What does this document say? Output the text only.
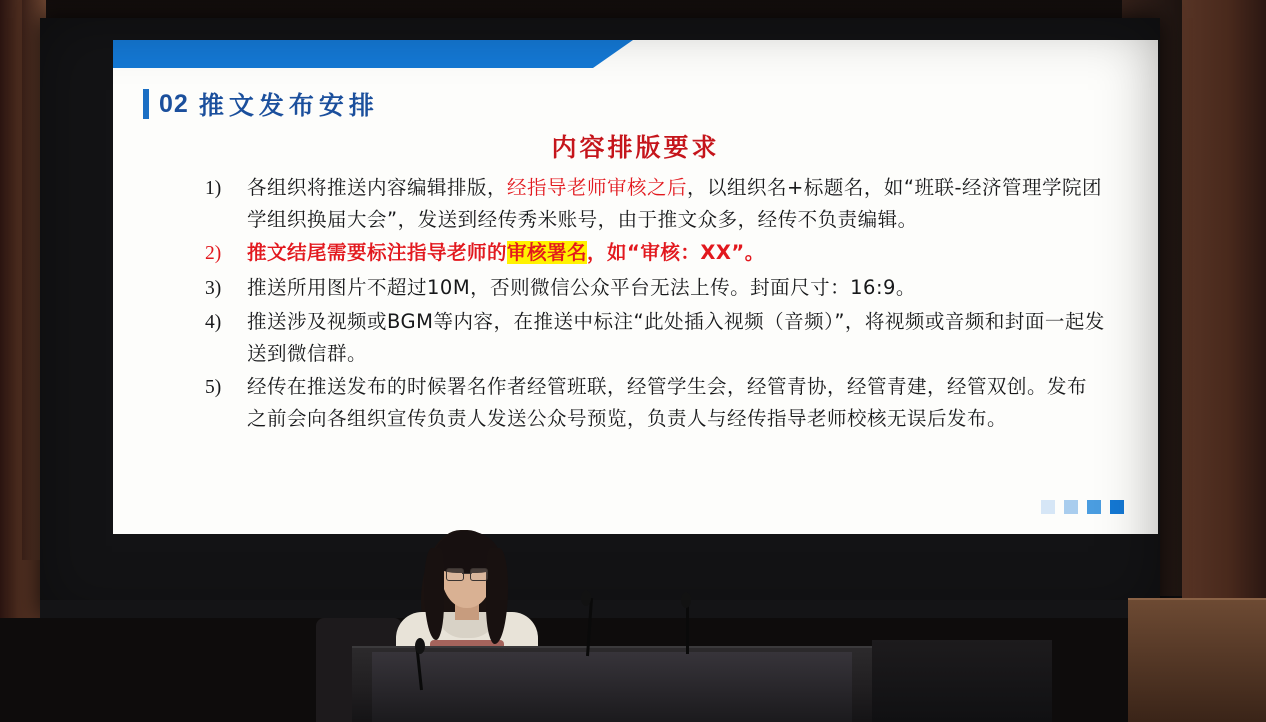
02 推文发布安排
内容排版要求
1)	各组织将推送内容编辑排版，经指导老师审核之后，以组织名+标题名，如“班联-经济管理学院团学组织换届大会”，发送到经传秀米账号，由于推文众多，经传不负责编辑。
2)	推文结尾需要标注指导老师的审核署名，如“审核：XX”。
3)	推送所用图片不超过10M，否则微信公众平台无法上传。封面尺寸：16:9。
4)	推送涉及视频或BGM等内容，在推送中标注“此处插入视频（音频）”，将视频或音频和封面一起发送到微信群。
5)	经传在推送发布的时候署名作者经管班联，经管学生会，经管青协，经管青建，经管双创。发布之前会向各组织宣传负责人发送公众号预览，负责人与经传指导老师校核无误后发布。
